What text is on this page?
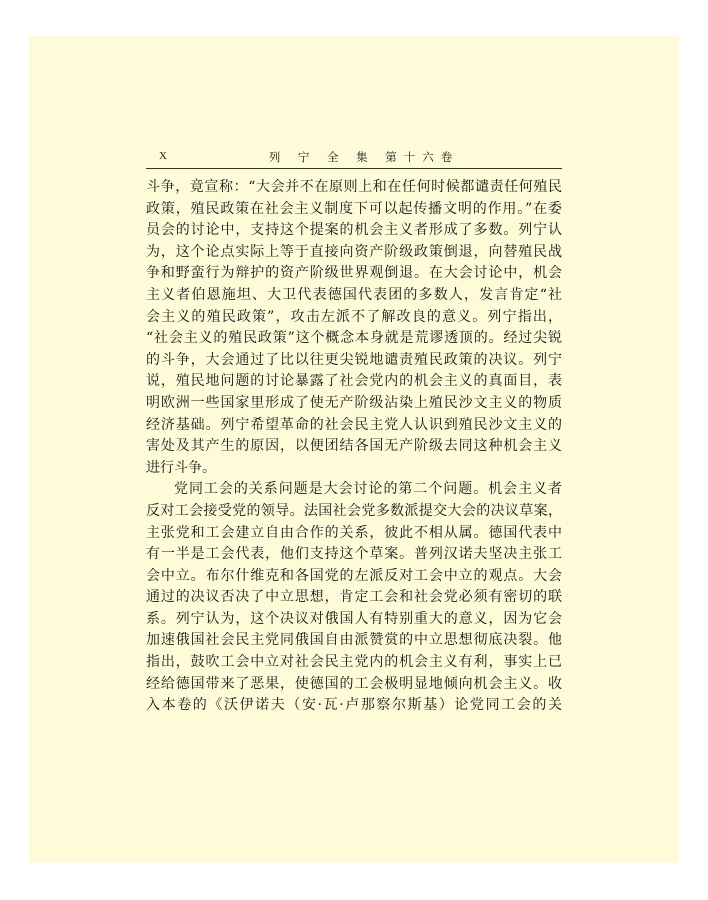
X	列 宁 全 集 第十六卷
斗争，竟宣称：“大会并不在原则上和在任何时候都谴责任何殖民
政策，殖民政策在社会主义制度下可以起传播文明的作用。”在委
员会的讨论中，支持这个提案的机会主义者形成了多数。列宁认
为，这个论点实际上等于直接向资产阶级政策倒退，向替殖民战
争和野蛮行为辩护的资产阶级世界观倒退。在大会讨论中，机会
主义者伯恩施坦、大卫代表德国代表团的多数人，发言肯定“社
会主义的殖民政策”，攻击左派不了解改良的意义。列宁指出，
“社会主义的殖民政策”这个概念本身就是荒谬透顶的。经过尖锐
的斗争，大会通过了比以往更尖锐地谴责殖民政策的决议。列宁
说，殖民地问题的讨论暴露了社会党内的机会主义的真面目，表
明欧洲一些国家里形成了使无产阶级沾染上殖民沙文主义的物质
经济基础。列宁希望革命的社会民主党人认识到殖民沙文主义的
害处及其产生的原因，以便团结各国无产阶级去同这种机会主义
进行斗争。
党同工会的关系问题是大会讨论的第二个问题。机会主义者
反对工会接受党的领导。法国社会党多数派提交大会的决议草案，
主张党和工会建立自由合作的关系，彼此不相从属。德国代表中
有一半是工会代表，他们支持这个草案。普列汉诺夫坚决主张工
会中立。布尔什维克和各国党的左派反对工会中立的观点。大会
通过的决议否决了中立思想，肯定工会和社会党必须有密切的联
系。列宁认为，这个决议对俄国人有特别重大的意义，因为它会
加速俄国社会民主党同俄国自由派赞赏的中立思想彻底决裂。他
指出，鼓吹工会中立对社会民主党内的机会主义有利，事实上已
经给德国带来了恶果，使德国的工会极明显地倾向机会主义。收
入本卷的《沃伊诺夫（安·瓦·卢那察尔斯基）论党同工会的关
